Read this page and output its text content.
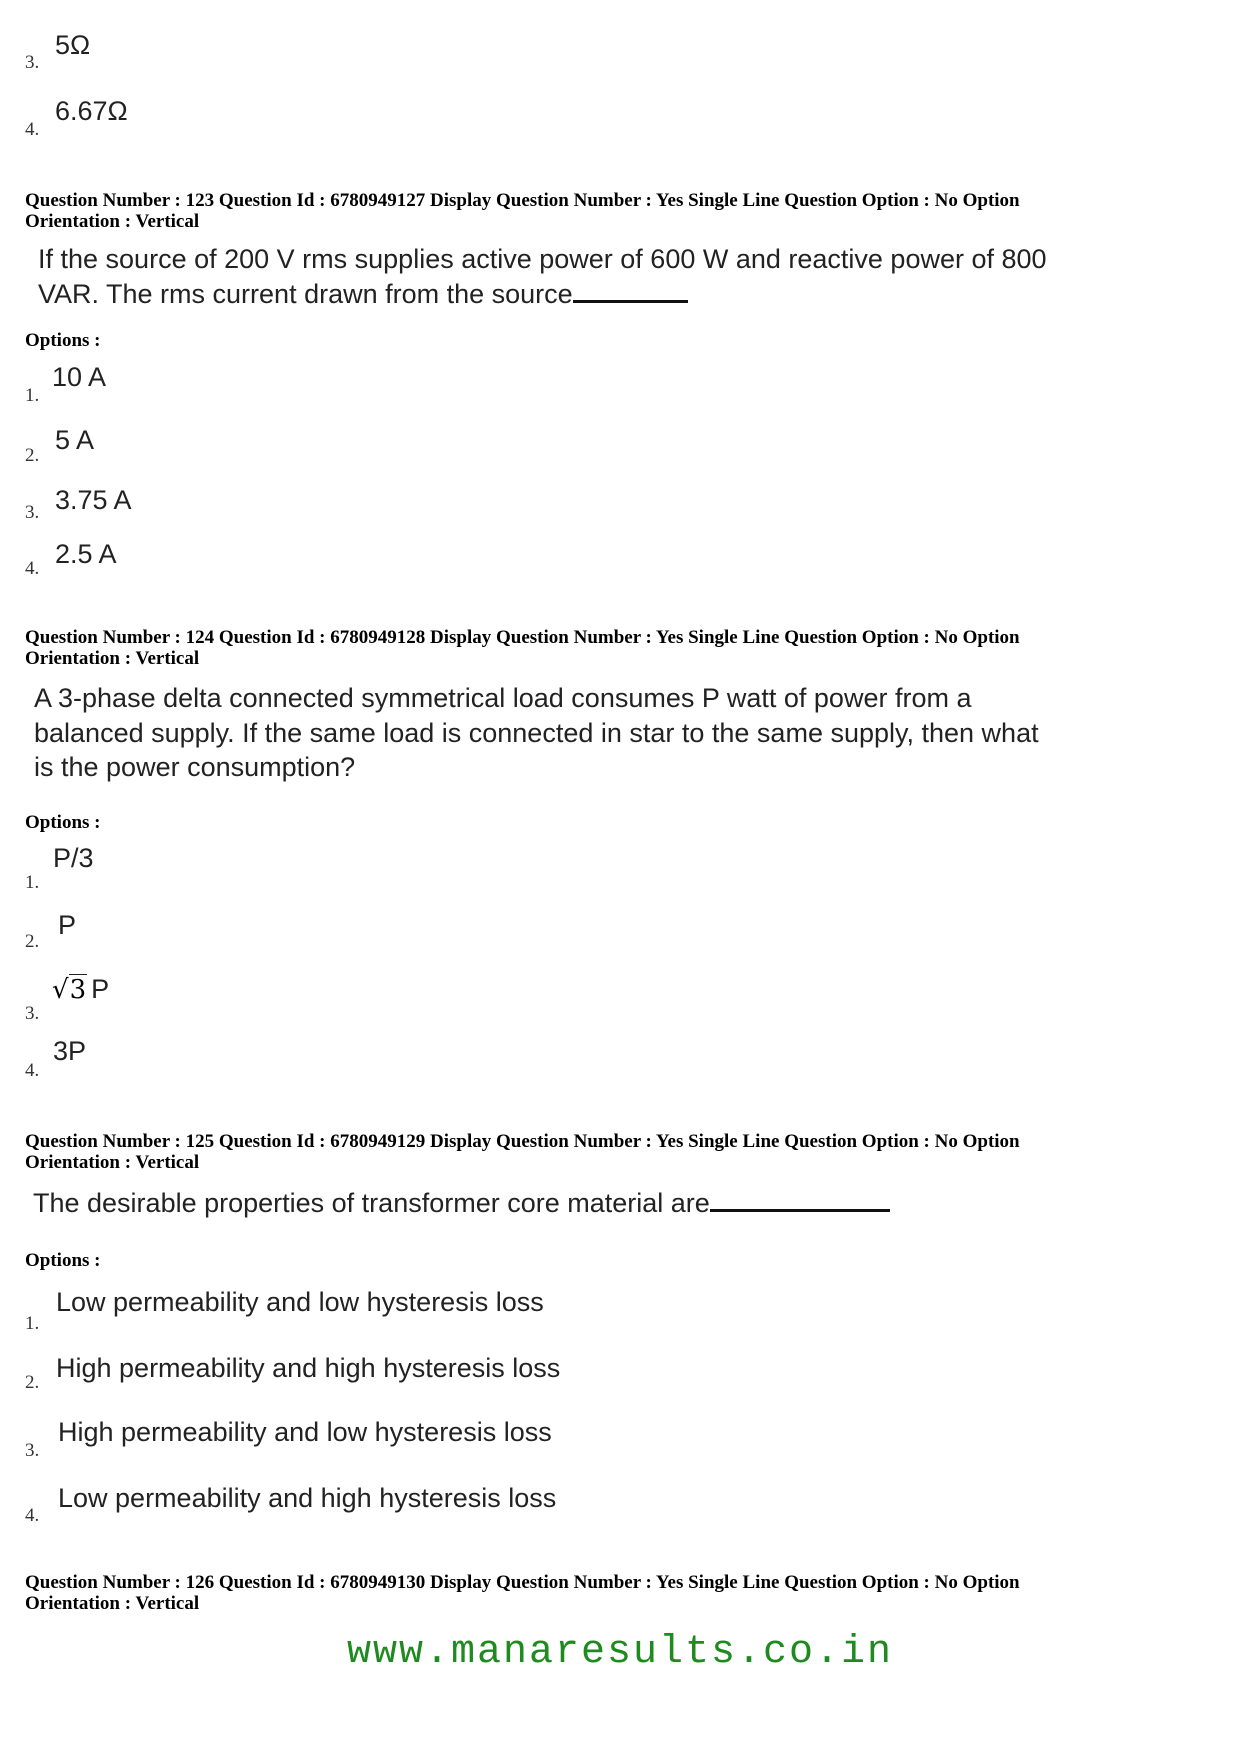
3.
5Ω
4.
6.67Ω
Question Number : 123 Question Id : 6780949127 Display Question Number : Yes Single Line Question Option : No Option
Orientation : Vertical
If the source of 200 V rms supplies active power of 600 W and reactive power of 800
VAR. The rms current drawn from the source
Options :
1.
10 A
2.
5 A
3. 3.75 A
4. 2.5 A
Question Number : 124 Question Id : 6780949128 Display Question Number : Yes Single Line Question Option : No Option
Orientation : Vertical
A 3-phase delta connected symmetrical load consumes P watt of power from a
balanced supply. If the same load is connected in star to the same supply, then what
is the power consumption?
Options :
1.
P/3
2.
P
3.
√3 P
4.
3P
Question Number : 125 Question Id : 6780949129 Display Question Number : Yes Single Line Question Option : No Option
Orientation : Vertical
The desirable properties of transformer core material are
Options :
1.
Low permeability and low hysteresis loss
2. High permeability and high hysteresis loss
3.
High permeability and low hysteresis loss
4.
Low permeability and high hysteresis loss
Question Number : 126 Question Id : 6780949130 Display Question Number : Yes Single Line Question Option : No Option
Orientation : Vertical
www.manaresults.co.in
